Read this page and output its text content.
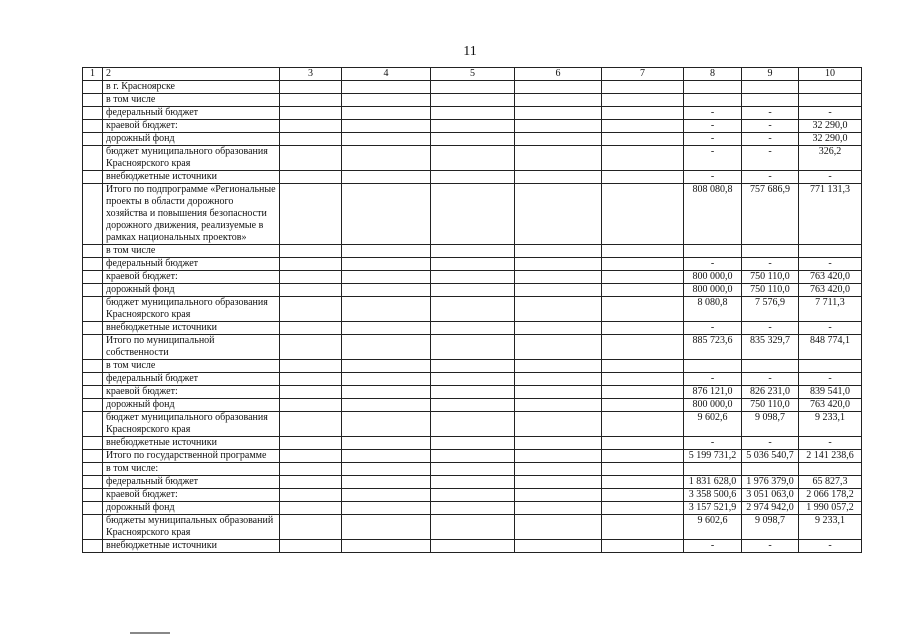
11
1	2	3	4	5	6	7	8	9	10
	в г. Красноярске								
	в том числе								
	федеральный бюджет						-	-	-
	краевой бюджет:						-	-	32 290,0
	дорожный фонд						-	-	32 290,0
	бюджет муниципального образования Красноярского края						-	-	326,2
	внебюджетные источники						-	-	-
	Итого по подпрограмме «Региональные проекты в области дорожного хозяйства и повышения безопасности дорожного движения, реализуемые в рамках национальных проектов»						808 080,8	757 686,9	771 131,3
	в том числе								
	федеральный бюджет						-	-	-
	краевой бюджет:						800 000,0	750 110,0	763 420,0
	дорожный фонд						800 000,0	750 110,0	763 420,0
	бюджет муниципального образования Красноярского края						8 080,8	7 576,9	7 711,3
	внебюджетные источники						-	-	-
	Итого по муниципальной собственности						885 723,6	835 329,7	848 774,1
	в том числе								
	федеральный бюджет						-	-	-
	краевой бюджет:						876 121,0	826 231,0	839 541,0
	дорожный фонд						800 000,0	750 110,0	763 420,0
	бюджет муниципального образования Красноярского края						9 602,6	9 098,7	9 233,1
	внебюджетные источники						-	-	-
	Итого по государственной программе						5 199 731,2	5 036 540,7	2 141 238,6
	в том числе:								
	федеральный бюджет						1 831 628,0	1 976 379,0	65 827,3
	краевой бюджет:						3 358 500,6	3 051 063,0	2 066 178,2
	дорожный фонд						3 157 521,9	2 974 942,0	1 990 057,2
	бюджеты муниципальных образований Красноярского края						9 602,6	9 098,7	9 233,1
	внебюджетные источники						-	-	-
